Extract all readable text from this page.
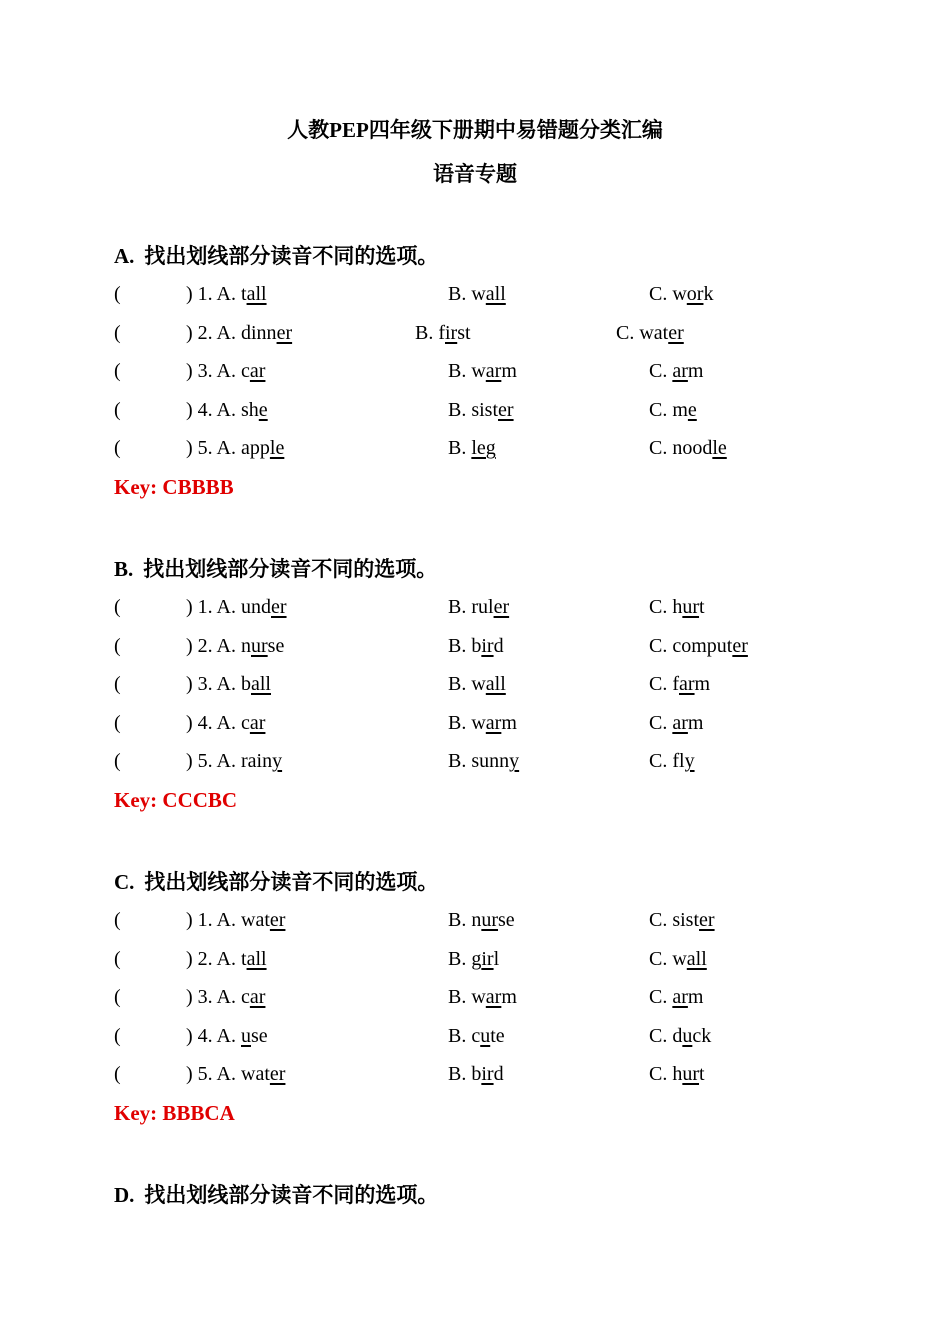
人教PEP四年级下册期中易错题分类汇编
语音专题
A. 找出划线部分读音不同的选项。
(	) 1. A. tall	B. wall	C. work
(	) 2. A. dinner	B. first	C. water
(	) 3. A. car	B. warm	C. arm
(	) 4. A. she	B. sister	C. me
(	) 5. A. apple	B. leg	C. noodle
Key: CBBBB
B. 找出划线部分读音不同的选项。
(	) 1. A. under	B. ruler	C. hurt
(	) 2. A. nurse	B. bird	C. computer
(	) 3. A. ball	B. wall	C. farm
(	) 4. A. car	B. warm	C. arm
(	) 5. A. rainy	B. sunny	C. fly
Key: CCCBC
C. 找出划线部分读音不同的选项。
(	) 1. A. water	B. nurse	C. sister
(	) 2. A. tall	B. girl	C. wall
(	) 3. A. car	B. warm	C. arm
(	) 4. A. use	B. cute	C. duck
(	) 5. A. water	B. bird	C. hurt
Key: BBBCA
D. 找出划线部分读音不同的选项。
